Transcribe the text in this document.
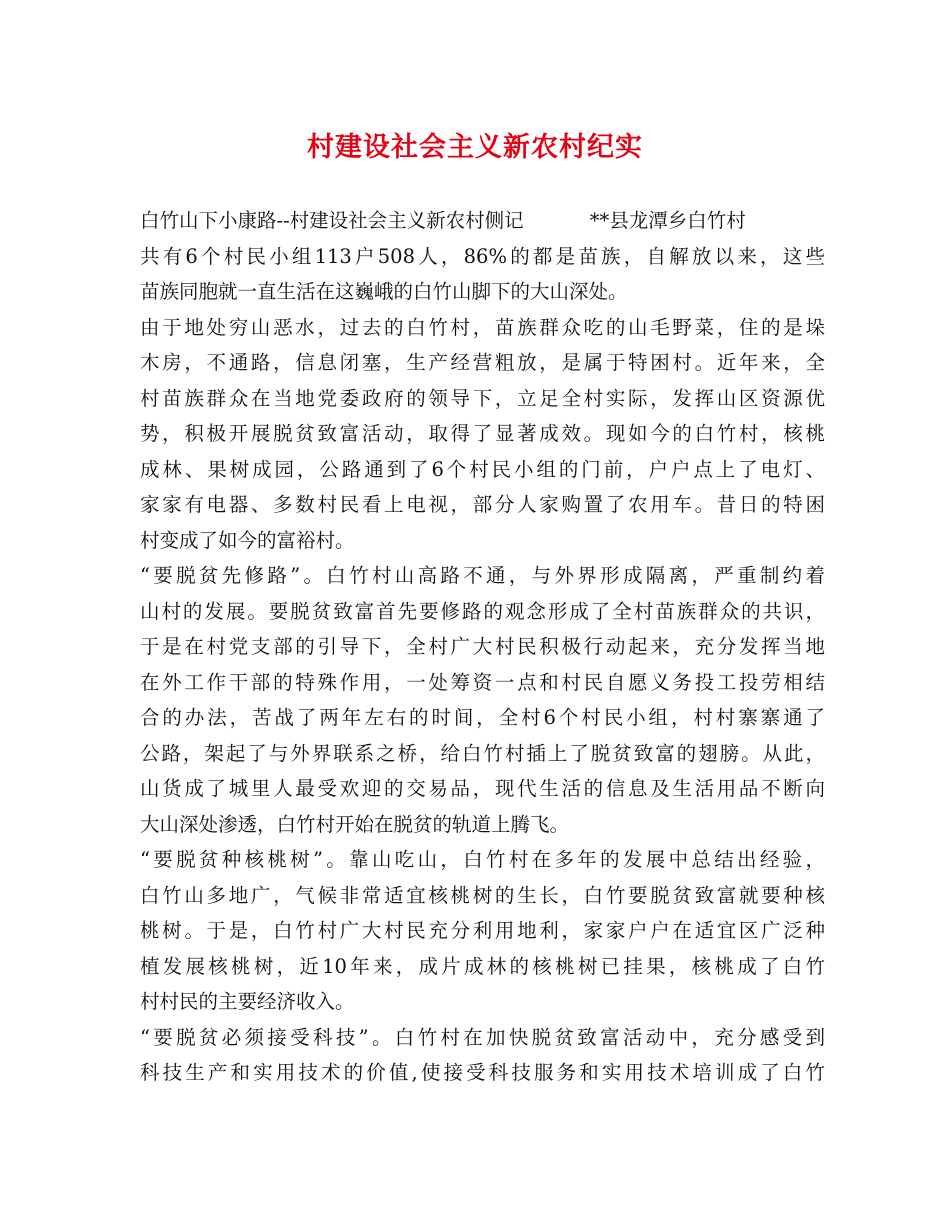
村建设社会主义新农村纪实
白竹山下小康路--村建设社会主义新农村侧记	**县龙潭乡白竹村
共有6个村民小组113户508人，86%的都是苗族，自解放以来，这些
苗族同胞就一直生活在这巍峨的白竹山脚下的大山深处。
由于地处穷山恶水，过去的白竹村，苗族群众吃的山毛野菜，住的是垛
木房，不通路，信息闭塞，生产经营粗放，是属于特困村。近年来，全
村苗族群众在当地党委政府的领导下，立足全村实际，发挥山区资源优
势，积极开展脱贫致富活动，取得了显著成效。现如今的白竹村，核桃
成林、果树成园，公路通到了6个村民小组的门前，户户点上了电灯、
家家有电器、多数村民看上电视，部分人家购置了农用车。昔日的特困
村变成了如今的富裕村。
“要脱贫先修路”。白竹村山高路不通，与外界形成隔离，严重制约着
山村的发展。要脱贫致富首先要修路的观念形成了全村苗族群众的共识，
于是在村党支部的引导下，全村广大村民积极行动起来，充分发挥当地
在外工作干部的特殊作用，一处筹资一点和村民自愿义务投工投劳相结
合的办法，苦战了两年左右的时间，全村6个村民小组，村村寨寨通了
公路，架起了与外界联系之桥，给白竹村插上了脱贫致富的翅膀。从此，
山货成了城里人最受欢迎的交易品，现代生活的信息及生活用品不断向
大山深处渗透，白竹村开始在脱贫的轨道上腾飞。
“要脱贫种核桃树”。靠山吃山，白竹村在多年的发展中总结出经验，
白竹山多地广，气候非常适宜核桃树的生长，白竹要脱贫致富就要种核
桃树。于是，白竹村广大村民充分利用地利，家家户户在适宜区广泛种
植发展核桃树，近10年来，成片成林的核桃树已挂果，核桃成了白竹
村村民的主要经济收入。
“要脱贫必须接受科技”。白竹村在加快脱贫致富活动中，充分感受到
科技生产和实用技术的价值,使接受科技服务和实用技术培训成了白竹
